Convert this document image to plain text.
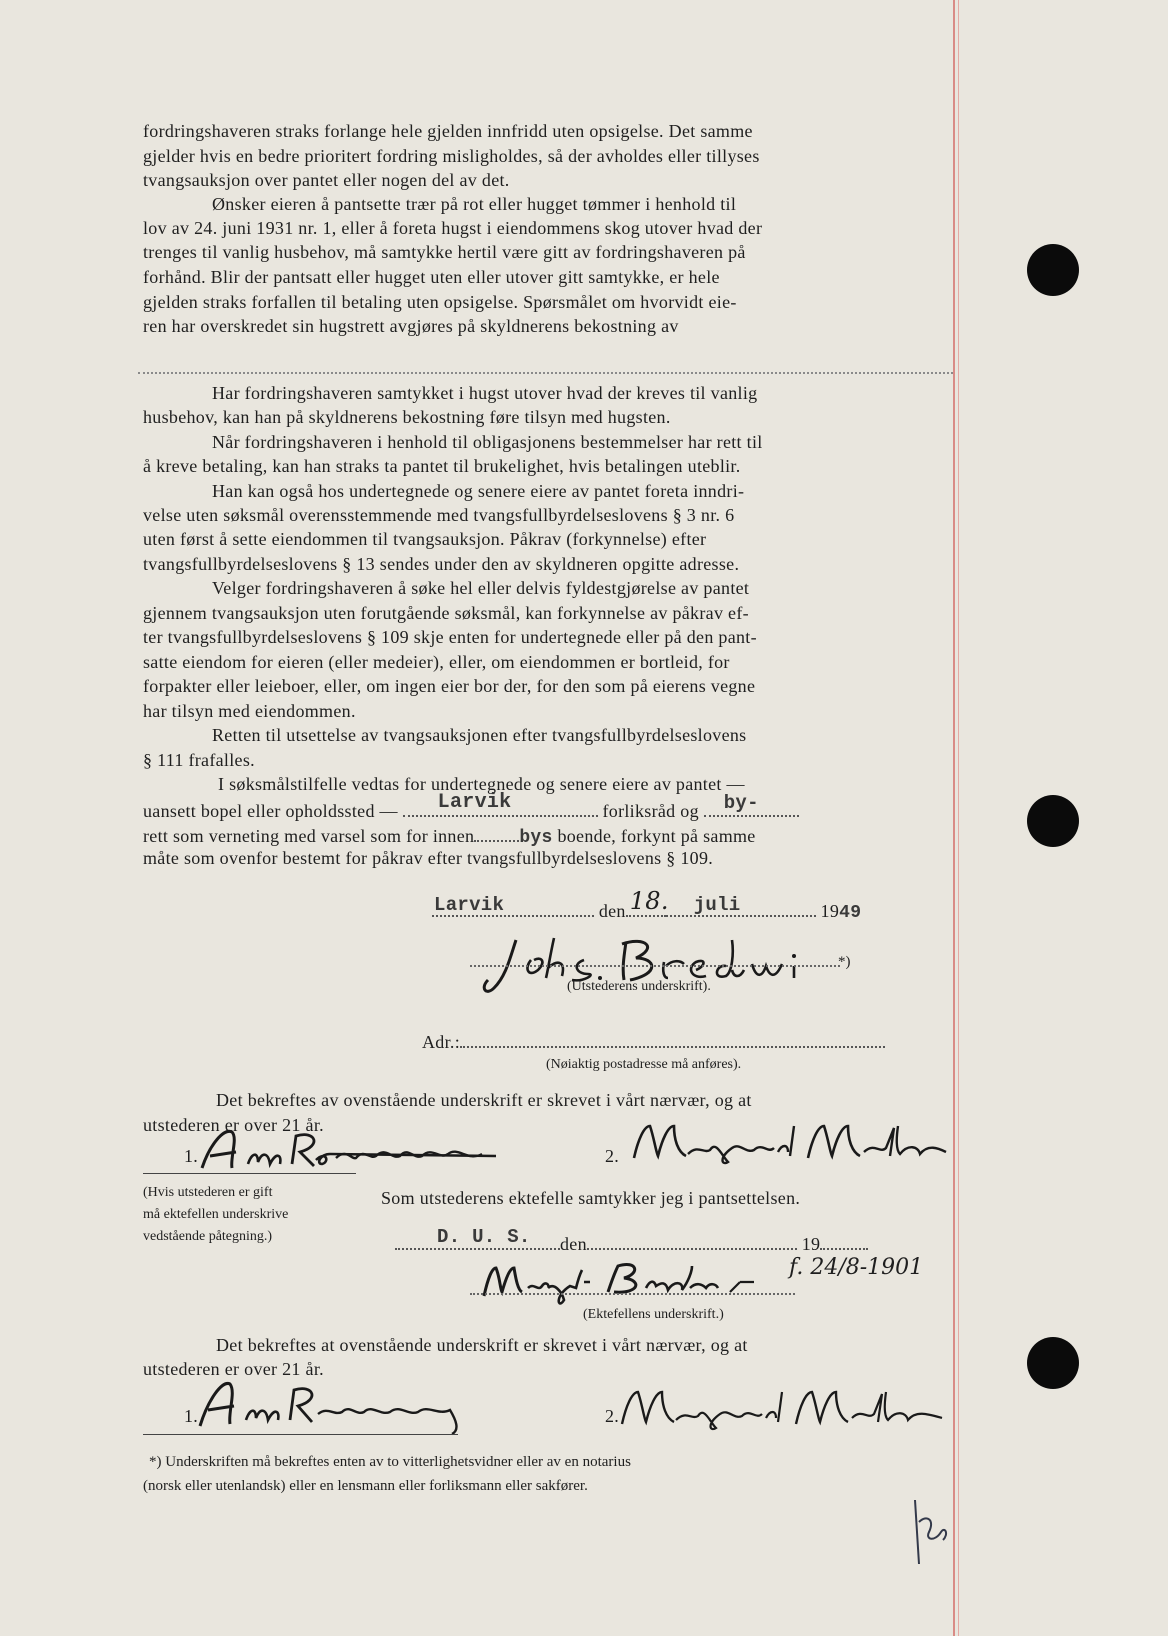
fordringshaveren straks forlange hele gjelden innfridd uten opsigelse. Det samme
gjelder hvis en bedre prioritert fordring misligholdes, så der avholdes eller tillyses
tvangsauksjon over pantet eller nogen del av det.
Ønsker eieren å pantsette trær på rot eller hugget tømmer i henhold til
lov av 24. juni 1931 nr. 1, eller å foreta hugst i eiendommens skog utover hvad der
trenges til vanlig husbehov, må samtykke hertil være gitt av fordringshaveren på
forhånd. Blir der pantsatt eller hugget uten eller utover gitt samtykke, er hele
gjelden straks forfallen til betaling uten opsigelse. Spørsmålet om hvorvidt eie-
ren har overskredet sin hugstrett avgjøres på skyldnerens bekostning av
Har fordringshaveren samtykket i hugst utover hvad der kreves til vanlig
husbehov, kan han på skyldnerens bekostning føre tilsyn med hugsten.
Når fordringshaveren i henhold til obligasjonens bestemmelser har rett til
å kreve betaling, kan han straks ta pantet til brukelighet, hvis betalingen uteblir.
Han kan også hos undertegnede og senere eiere av pantet foreta inndri-
velse uten søksmål overensstemmende med tvangsfullbyrdelseslovens § 3 nr. 6
uten først å sette eiendommen til tvangsauksjon. Påkrav (forkynnelse) efter
tvangsfullbyrdelseslovens § 13 sendes under den av skyldneren opgitte adresse.
Velger fordringshaveren å søke hel eller delvis fyldestgjørelse av pantet
gjennem tvangsauksjon uten forutgående søksmål, kan forkynnelse av påkrav ef-
ter tvangsfullbyrdelseslovens § 109 skje enten for undertegnede eller på den pant-
satte eiendom for eieren (eller medeier), eller, om eiendommen er bortleid, for
forpakter eller leieboer, eller, om ingen eier bor der, for den som på eierens vegne
har tilsyn med eiendommen.
Retten til utsettelse av tvangsauksjonen efter tvangsfullbyrdelseslovens
§ 111 frafalles.
I søksmålstilfelle vedtas for undertegnede og senere eiere av pantet —
uansett bopel eller opholdssted — Larvik	forliksråd og by-
rett som verneting med varsel som for innen	bys boende, forkynt på samme
måte som ovenfor bestemt for påkrav efter tvangsfullbyrdelseslovens § 109.
Larvik	den 18. juli	1949
*)
(Utstederens underskrift).
Adr.:
(Nøiaktig postadresse må anføres).
Det bekreftes av ovenstående underskrift er skrevet i vårt nærvær, og at
utstederen er over 21 år.
1.	2.
(Hvis utstederen er gift
må ektefellen underskrive
vedstående påtegning.)
Som utstederens ektefelle samtykker jeg i pantsettelsen.
D. U. S. den	19
f. 24/8-1901
(Ektefellens underskrift.)
Det bekreftes at ovenstående underskrift er skrevet i vårt nærvær, og at
utstederen er over 21 år.
1.	2.
*) Underskriften må bekreftes enten av to vitterlighetsvidner eller av en notarius
(norsk eller utenlandsk) eller en lensmann eller forliksmann eller sakfører.
